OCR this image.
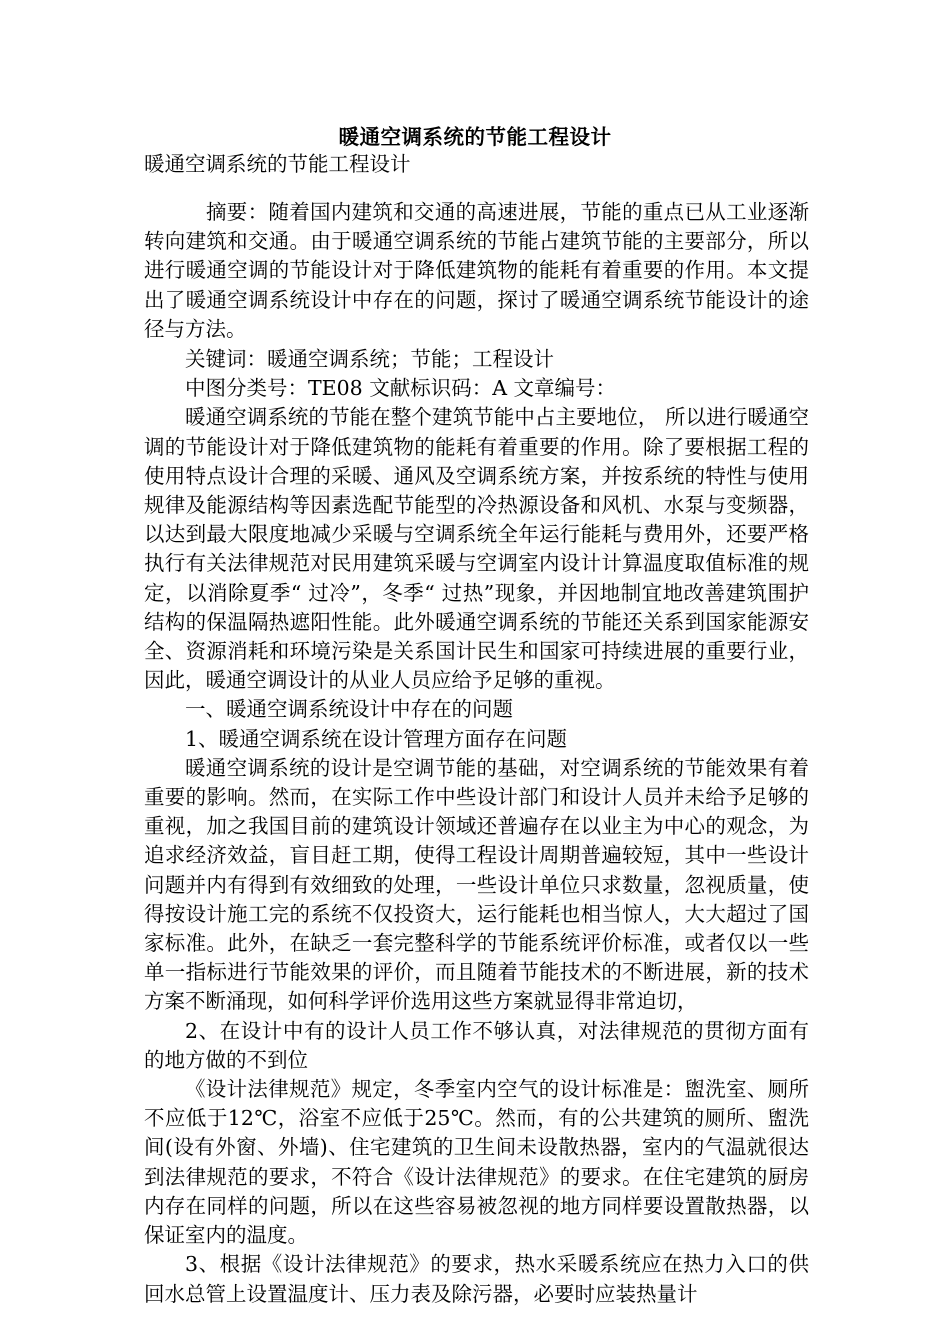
暖通空调系统的节能工程设计
暖通空调系统的节能工程设计

摘要：随着国内建筑和交通的高速进展，节能的重点已从工业逐渐转向建筑和交通。由于暖通空调系统的节能占建筑节能的主要部分，所以进行暖通空调的节能设计对于降低建筑物的能耗有着重要的作用。本文提出了暖通空调系统设计中存在的问题，探讨了暖通空调系统节能设计的途径与方法。

关键词：暖通空调系统；节能；工程设计

中图分类号：TE08 文献标识码：A 文章编号：

暖通空调系统的节能在整个建筑节能中占主要地位， 所以进行暖通空调的节能设计对于降低建筑物的能耗有着重要的作用。除了要根据工程的使用特点设计合理的采暖、通风及空调系统方案，并按系统的特性与使用规律及能源结构等因素选配节能型的冷热源设备和风机、水泵与变频器，以达到最大限度地减少采暖与空调系统全年运行能耗与费用外，还要严格执行有关法律规范对民用建筑采暖与空调室内设计计算温度取值标准的规定，以消除夏季“ 过冷”，冬季“ 过热”现象，并因地制宜地改善建筑围护结构的保温隔热遮阳性能。此外暖通空调系统的节能还关系到国家能源安全、资源消耗和环境污染是关系国计民生和国家可持续进展的重要行业，因此，暖通空调设计的从业人员应给予足够的重视。

一、暖通空调系统设计中存在的问题

1、暖通空调系统在设计管理方面存在问题

暖通空调系统的设计是空调节能的基础，对空调系统的节能效果有着重要的影响。然而，在实际工作中些设计部门和设计人员并未给予足够的重视，加之我国目前的建筑设计领域还普遍存在以业主为中心的观念，为追求经济效益，盲目赶工期，使得工程设计周期普遍较短，其中一些设计问题并内有得到有效细致的处理，一些设计单位只求数量，忽视质量，使得按设计施工完的系统不仅投资大，运行能耗也相当惊人，大大超过了国家标准。此外，在缺乏一套完整科学的节能系统评价标准，或者仅以一些单一指标进行节能效果的评价，而且随着节能技术的不断进展，新的技术方案不断涌现，如何科学评价选用这些方案就显得非常迫切，

2、在设计中有的设计人员工作不够认真，对法律规范的贯彻方面有的地方做的不到位

《设计法律规范》规定，冬季室内空气的设计标准是：盥洗室、厕所不应低于12℃，浴室不应低于25℃。然而，有的公共建筑的厕所、盥洗间(设有外窗、外墙)、住宅建筑的卫生间未设散热器，室内的气温就很达到法律规范的要求，不符合《设计法律规范》的要求。在住宅建筑的厨房内存在同样的问题，所以在这些容易被忽视的地方同样要设置散热器，以保证室内的温度。

3、根据《设计法律规范》的要求，热水采暖系统应在热力入口的供回水总管上设置温度计、压力表及除污器，必要时应装热量计
